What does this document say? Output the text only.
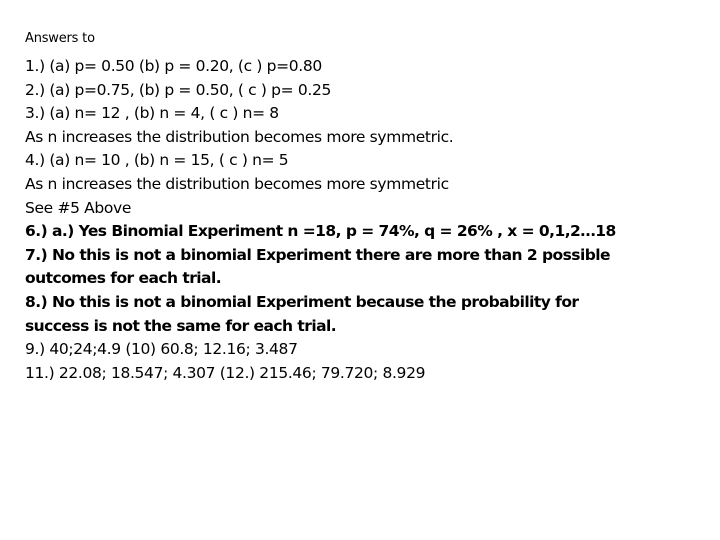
Answers to
1.) (a) p= 0.50 (b) p = 0.20, (c ) p=0.80
2.) (a) p=0.75, (b) p = 0.50, ( c ) p= 0.25
3.) (a) n= 12 , (b) n = 4, ( c ) n= 8
As n increases the distribution becomes more symmetric.
4.) (a) n= 10 , (b) n = 15, ( c ) n= 5
As n increases the distribution becomes more symmetric
See #5 Above
6.) a.) Yes Binomial Experiment n =18, p = 74%, q = 26% , x = 0,1,2…18
7.) No this is not a binomial Experiment there are more than 2 possible
outcomes for each trial.
8.) No this is not a binomial Experiment because the probability for
success is not the same for each trial.
9.) 40;24;4.9 (10) 60.8; 12.16; 3.487
11.) 22.08; 18.547; 4.307 (12.) 215.46; 79.720; 8.929
